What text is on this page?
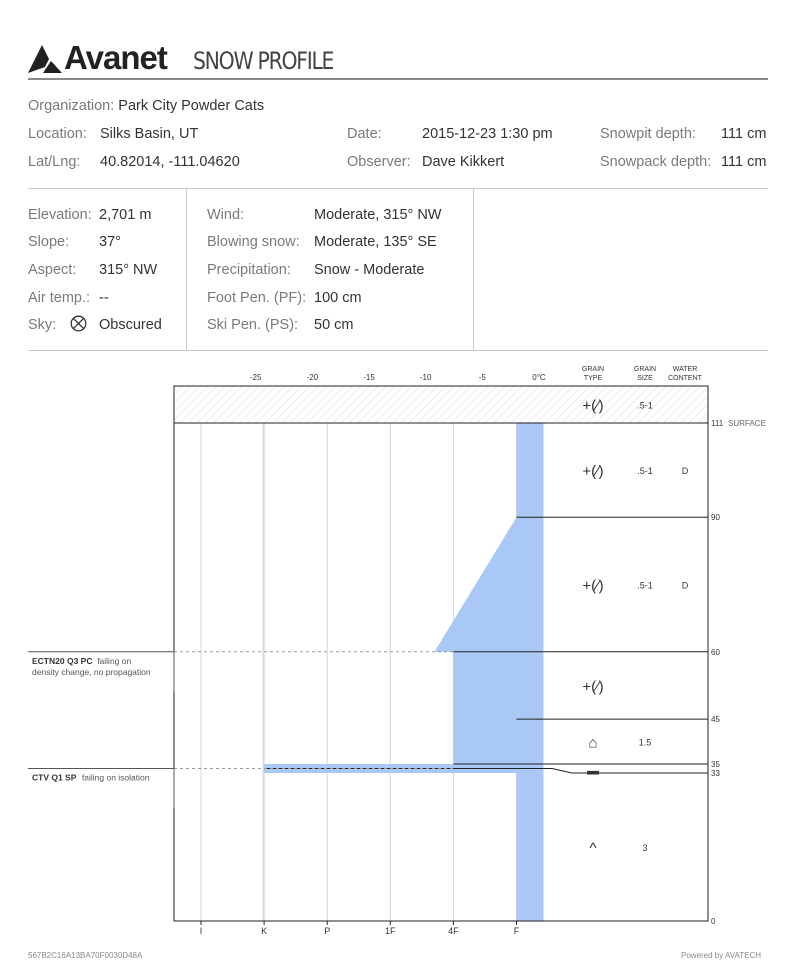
Avanet SNOW PROFILE
Organization: Park City Powder Cats
Location: Silks Basin, UT
Lat/Lng: 40.82014, -111.04620
Date:	2015-12-23 1:30 pm
Observer: Dave Kikkert
Snowpit depth: 111 cm
Snowpack depth: 111 cm
Elevation: 2,701 m
Slope: 37°
Aspect: 315° NW
Air temp.: --
Sky:	Obscured
Wind:	Moderate, 315° NW
Blowing snow: Moderate, 135° SE
Precipitation: Snow - Moderate
Foot Pen. (PF): 100 cm
Ski Pen. (PS): 50 cm
111 SURFACE
90
60
45
35
33
0
-25	-20	-15	-10	-5	0°C
I	K	P	1F	4F	F
GRAIN
TYPE
GRAIN
SIZE
WATER
CONTENT
+(⁄)	.5-1
+(⁄)	.5-1	D
+(⁄)	.5-1	D
+(⁄)
⌂	1.5
▬
^	3
ECTN20 Q3 PC failing on
density change, no propagation
CTV Q1 SP failing on isolation
567B2C16A13BA70F0030D48A	Powered by AVATECH
